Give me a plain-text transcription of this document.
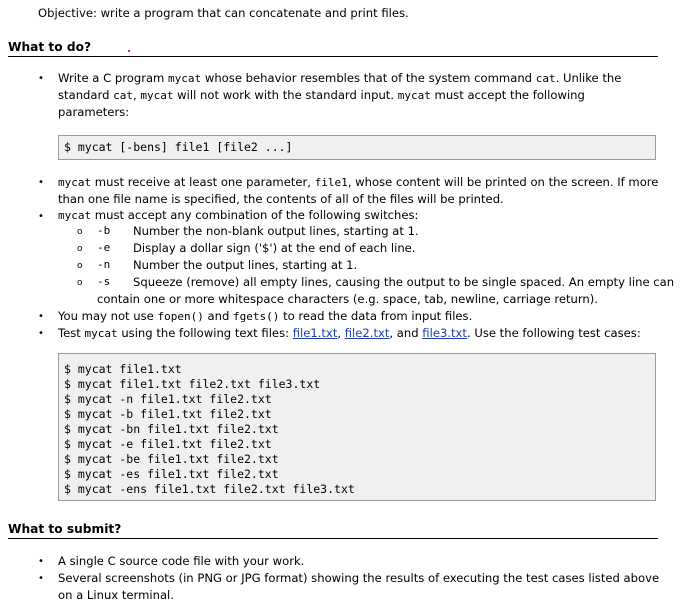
Objective: write a program that can concatenate and print files.
What to do?
• Write a C program mycat whose behavior resembles that of the system command cat. Unlike the
standard cat, mycat will not work with the standard input. mycat must accept the following
parameters:
$ mycat [-bens] file1 [file2 ...]
• mycat must receive at least one parameter, file1, whose content will be printed on the screen. If more
than one file name is specified, the contents of all of the files will be printed.
• mycat must accept any combination of the following switches:
o -b Number the non-blank output lines, starting at 1.
o -e Display a dollar sign ('$') at the end of each line.
o -n Number the output lines, starting at 1.
o -s Squeeze (remove) all empty lines, causing the output to be single spaced. An empty line can
contain one or more whitespace characters (e.g. space, tab, newline, carriage return).
• You may not use fopen() and fgets() to read the data from input files.
• Test mycat using the following text files: file1.txt, file2.txt, and file3.txt. Use the following test cases:
$ mycat file1.txt
$ mycat file1.txt file2.txt file3.txt
$ mycat -n file1.txt file2.txt
$ mycat -b file1.txt file2.txt
$ mycat -bn file1.txt file2.txt
$ mycat -e file1.txt file2.txt
$ mycat -be file1.txt file2.txt
$ mycat -es file1.txt file2.txt
$ mycat -ens file1.txt file2.txt file3.txt
What to submit?
• A single C source code file with your work.
• Several screenshots (in PNG or JPG format) showing the results of executing the test cases listed above
on a Linux terminal.
